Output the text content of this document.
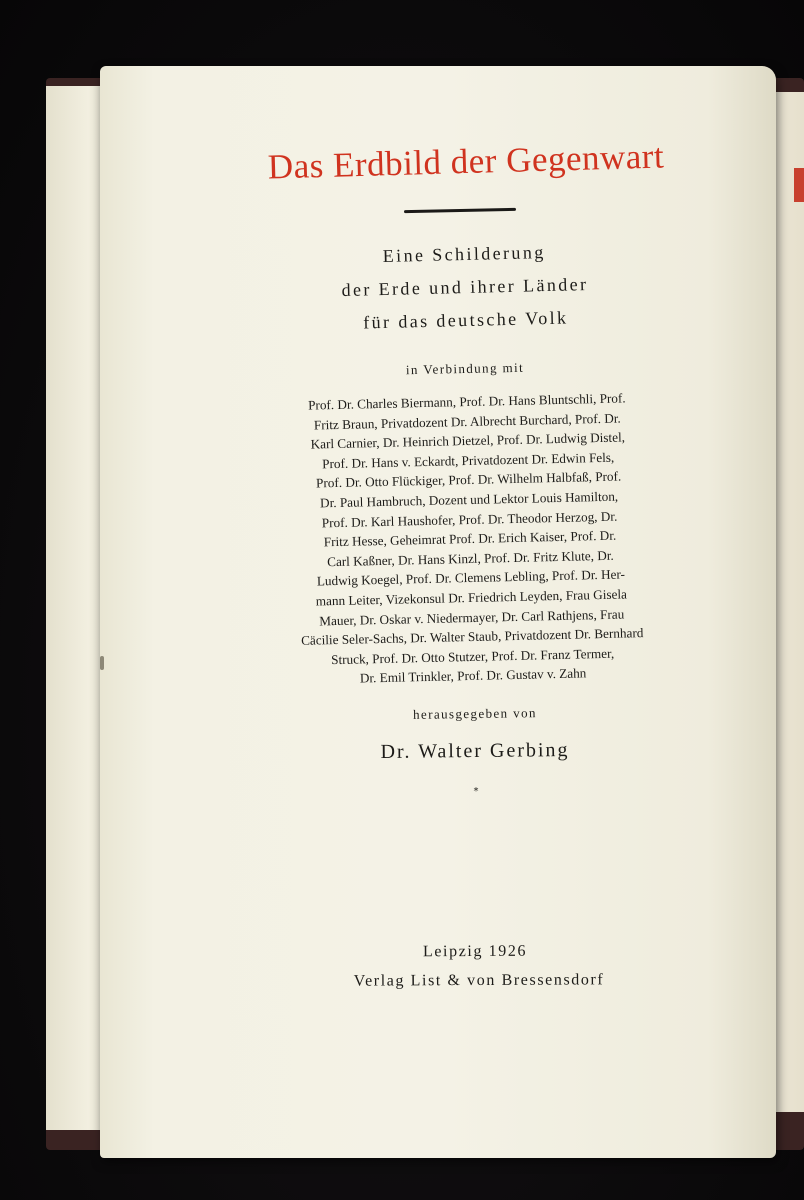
Das Erdbild der Gegenwart
Eine Schilderung
der Erde und ihrer Länder
für das deutsche Volk
in Verbindung mit
Prof. Dr. Charles Biermann, Prof. Dr. Hans Bluntschli, Prof.
Fritz Braun, Privatdozent Dr. Albrecht Burchard, Prof. Dr.
Karl Carnier, Dr. Heinrich Dietzel, Prof. Dr. Ludwig Distel,
Prof. Dr. Hans v. Eckardt, Privatdozent Dr. Edwin Fels,
Prof. Dr. Otto Flückiger, Prof. Dr. Wilhelm Halbfaß, Prof.
Dr. Paul Hambruch, Dozent und Lektor Louis Hamilton,
Prof. Dr. Karl Haushofer, Prof. Dr. Theodor Herzog, Dr.
Fritz Hesse, Geheimrat Prof. Dr. Erich Kaiser, Prof. Dr.
Carl Kaßner, Dr. Hans Kinzl, Prof. Dr. Fritz Klute, Dr.
Ludwig Koegel, Prof. Dr. Clemens Lebling, Prof. Dr. Her-
mann Leiter, Vizekonsul Dr. Friedrich Leyden, Frau Gisela
Mauer, Dr. Oskar v. Niedermayer, Dr. Carl Rathjens, Frau
Cäcilie Seler-Sachs, Dr. Walter Staub, Privatdozent Dr. Bernhard
Struck, Prof. Dr. Otto Stutzer, Prof. Dr. Franz Termer,
Dr. Emil Trinkler, Prof. Dr. Gustav v. Zahn
herausgegeben von
Dr. Walter Gerbing
*
Leipzig 1926
Verlag List & von Bressensdorf
